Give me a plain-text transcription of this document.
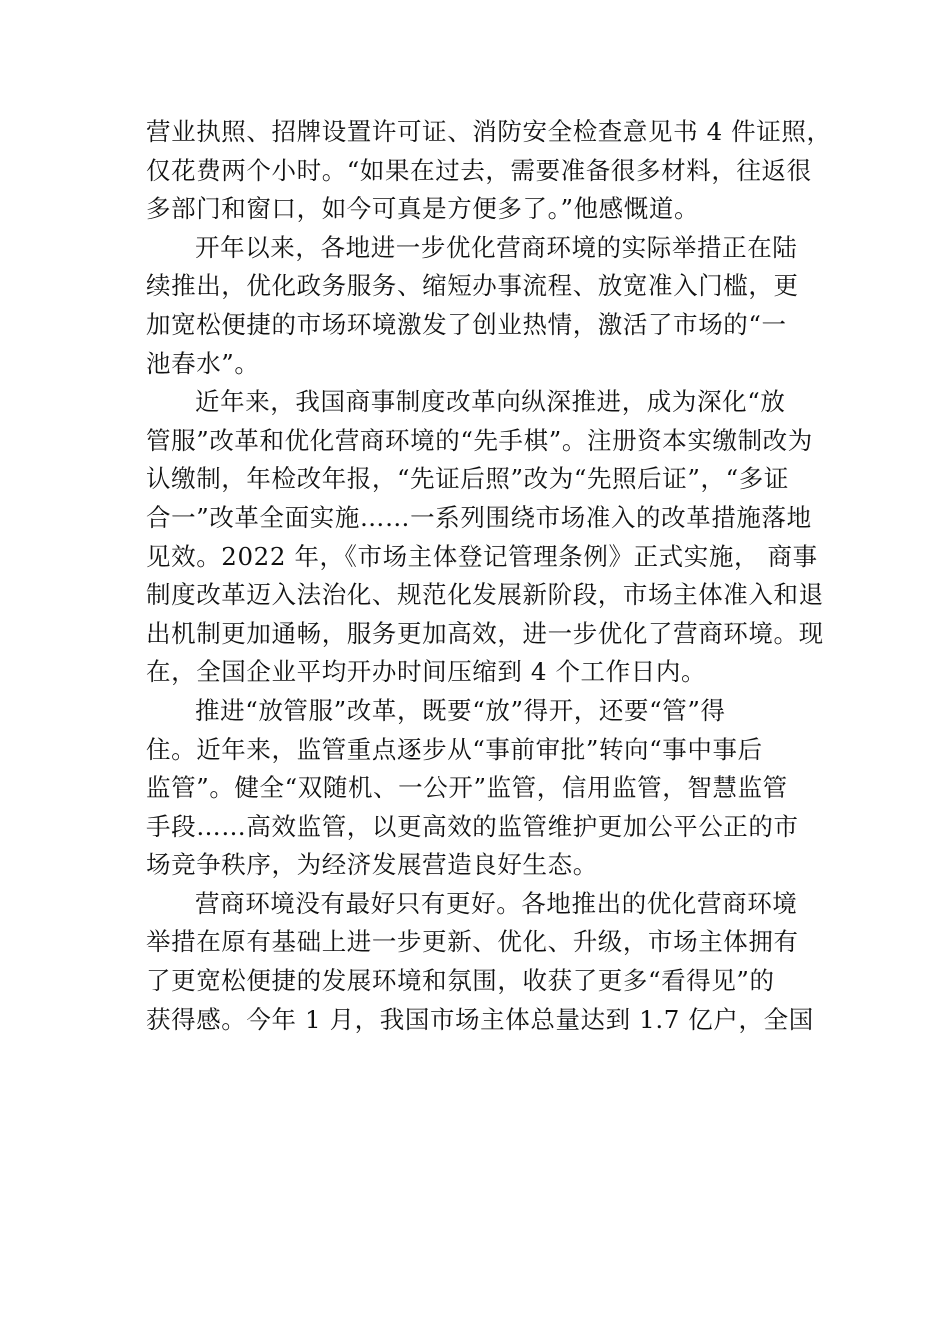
营业执照、招牌设置许可证、消防安全检查意见书 4 件证照，
仅花费两个小时。“如果在过去，需要准备很多材料，往返很
多部门和窗口，如今可真是方便多了。”他感慨道。
开年以来，各地进一步优化营商环境的实际举措正在陆
续推出，优化政务服务、缩短办事流程、放宽准入门槛，更
加宽松便捷的市场环境激发了创业热情，激活了市场的“一
池春水”。
近年来，我国商事制度改革向纵深推进，成为深化“放
管服”改革和优化营商环境的“先手棋”。注册资本实缴制改为
认缴制，年检改年报，“先证后照”改为“先照后证”，“多证
合一”改革全面实施……一系列围绕市场准入的改革措施落地
见效。2022 年，《市场主体登记管理条例》正式实施， 商事
制度改革迈入法治化、规范化发展新阶段，市场主体准入和退
出机制更加通畅，服务更加高效，进一步优化了营商环境。现
在，全国企业平均开办时间压缩到 4 个工作日内。
推进“放管服”改革，既要“放”得开，还要“管”得
住。近年来，监管重点逐步从“事前审批”转向“事中事后
监管”。健全“双随机、一公开”监管，信用监管，智慧监管
手段……高效监管，以更高效的监管维护更加公平公正的市
场竞争秩序，为经济发展营造良好生态。
营商环境没有最好只有更好。各地推出的优化营商环境
举措在原有基础上进一步更新、优化、升级，市场主体拥有
了更宽松便捷的发展环境和氛围，收获了更多“看得见”的
获得感。今年 1 月，我国市场主体总量达到 1.7 亿户，全国
